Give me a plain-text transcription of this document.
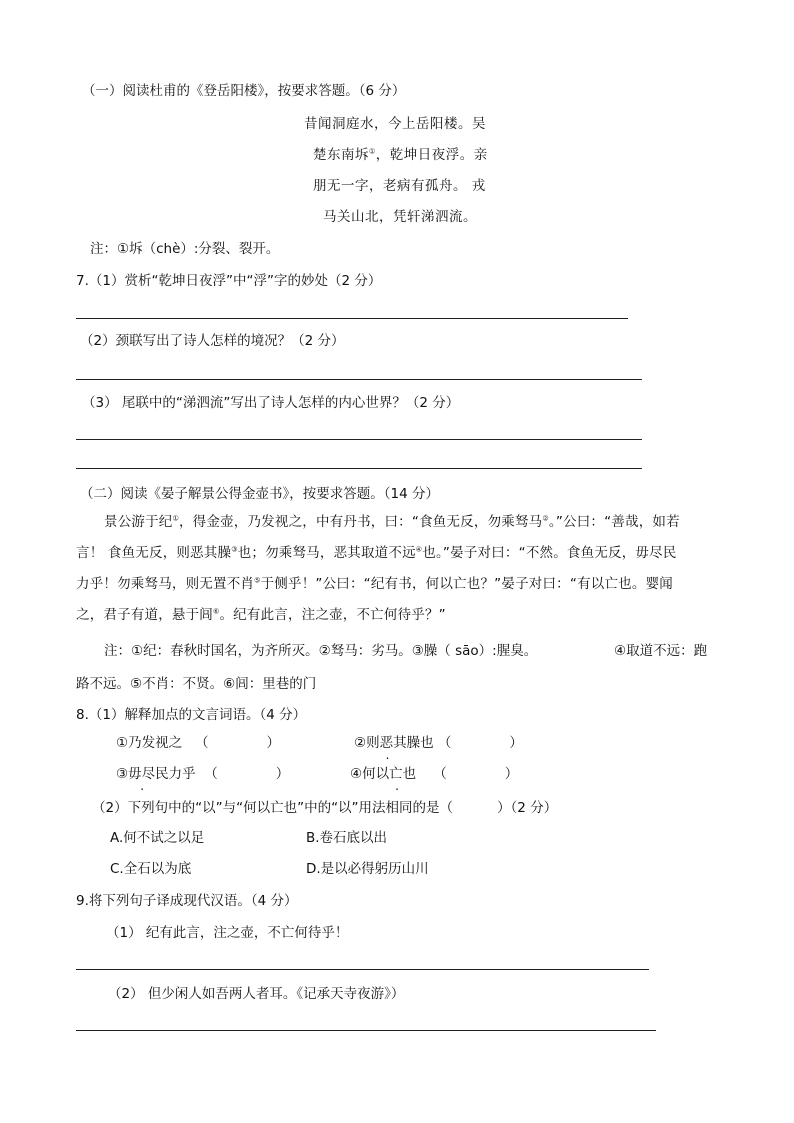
（一）阅读杜甫的《登岳阳楼》，按要求答题。（6 分）
昔闻洞庭水，今上岳阳楼。吴
楚东南坼①，乾坤日夜浮。亲
朋无一字，老病有孤舟。 戎
马关山北，凭轩涕泗流。
注：①坼（chè）:分裂、裂开。
7.（1）赏析“乾坤日夜浮”中“浮”字的妙处（2 分）
（2）颈联写出了诗人怎样的境况？（2 分）
（3） 尾联中的“涕泗流”写出了诗人怎样的内心世界？（2 分）
（二）阅读《晏子解景公得金壶书》，按要求答题。（14 分）
景公游于纪①，得金壶，乃发视之，中有丹书，曰：“食鱼无反，勿乘驽马②。”公曰：“善哉，如若
言！ 食鱼无反，则恶其臊③也；勿乘驽马，恶其取道不远④也。”晏子对曰：“不然。食鱼无反，毋尽民
力乎！勿乘驽马，则无置不肖⑤于侧乎！”公曰：“纪有书，何以亡也？”晏子对曰：“有以亡也。婴闻
之，君子有道，悬于闾⑥。纪有此言，注之壶，不亡何待乎？”
注：①纪：春秋时国名，为齐所灭。②驽马：劣马。③臊（ sāo）:腥臭。	④取道不远：跑
路不远。⑤不肖：不贤。⑥闾：里巷的门
8.（1）解释加点的文言词语。（4 分）
①乃发视之 （	）	②则恶其臊也 （	）
③毋尽民力乎 （	）	④何以亡也 （	）
（2）下列句中的“以”与“何以亡也”中的“以”用法相同的是（	）（2 分）
A.何不试之以足	B.卷石底以出
C.全石以为底	D.是以必得躬历山川
9.将下列句子译成现代汉语。（4 分）
（1） 纪有此言，注之壶，不亡何待乎！
（2） 但少闲人如吾两人者耳。《记承天寺夜游》）
